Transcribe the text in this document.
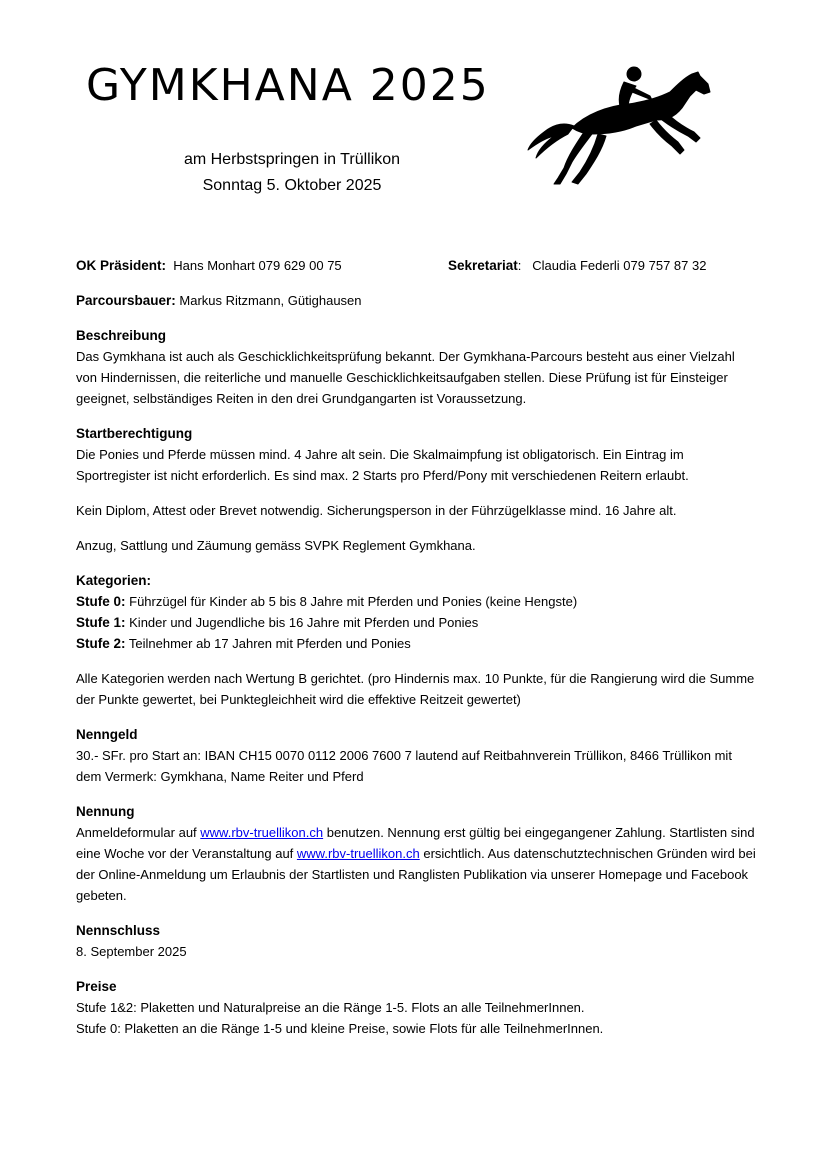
GYMKHANA 2025
am Herbstspringen in Trüllikon
Sonntag 5. Oktober 2025
OK Präsident: Hans Monhart 079 629 00 75	Sekretariat: Claudia Federli 079 757 87 32

Parcoursbauer: Markus Ritzmann, Gütighausen

Beschreibung
Das Gymkhana ist auch als Geschicklichkeitsprüfung bekannt. Der Gymkhana-Parcours besteht aus einer Vielzahl von Hindernissen, die reiterliche und manuelle Geschicklichkeitsaufgaben stellen. Diese Prüfung ist für Einsteiger geeignet, selbständiges Reiten in den drei Grundgangarten ist Voraussetzung.

Startberechtigung
Die Ponies und Pferde müssen mind. 4 Jahre alt sein. Die Skalmaimpfung ist obligatorisch. Ein Eintrag im Sportregister ist nicht erforderlich. Es sind max. 2 Starts pro Pferd/Pony mit verschiedenen Reitern erlaubt.

Kein Diplom, Attest oder Brevet notwendig. Sicherungsperson in der Führzügelklasse mind. 16 Jahre alt.

Anzug, Sattlung und Zäumung gemäss SVPK Reglement Gymkhana.

Kategorien:
Stufe 0: Führzügel für Kinder ab 5 bis 8 Jahre mit Pferden und Ponies (keine Hengste)
Stufe 1: Kinder und Jugendliche bis 16 Jahre mit Pferden und Ponies
Stufe 2: Teilnehmer ab 17 Jahren mit Pferden und Ponies

Alle Kategorien werden nach Wertung B gerichtet. (pro Hindernis max. 10 Punkte, für die Rangierung wird die Summe der Punkte gewertet, bei Punktegleichheit wird die effektive Reitzeit gewertet)

Nenngeld
30.- SFr. pro Start an: IBAN CH15 0070 0112 2006 7600 7 lautend auf Reitbahnverein Trüllikon, 8466 Trüllikon mit dem Vermerk: Gymkhana, Name Reiter und Pferd

Nennung
Anmeldeformular auf www.rbv-truellikon.ch benutzen. Nennung erst gültig bei eingegangener Zahlung. Startlisten sind eine Woche vor der Veranstaltung auf www.rbv-truellikon.ch ersichtlich. Aus datenschutztechnischen Gründen wird bei der Online-Anmeldung um Erlaubnis der Startlisten und Ranglisten Publikation via unserer Homepage und Facebook gebeten.

Nennschluss
8. September 2025

Preise
Stufe 1&2: Plaketten und Naturalpreise an die Ränge 1-5. Flots an alle TeilnehmerInnen.
Stufe 0: Plaketten an die Ränge 1-5 und kleine Preise, sowie Flots für alle TeilnehmerInnen.
